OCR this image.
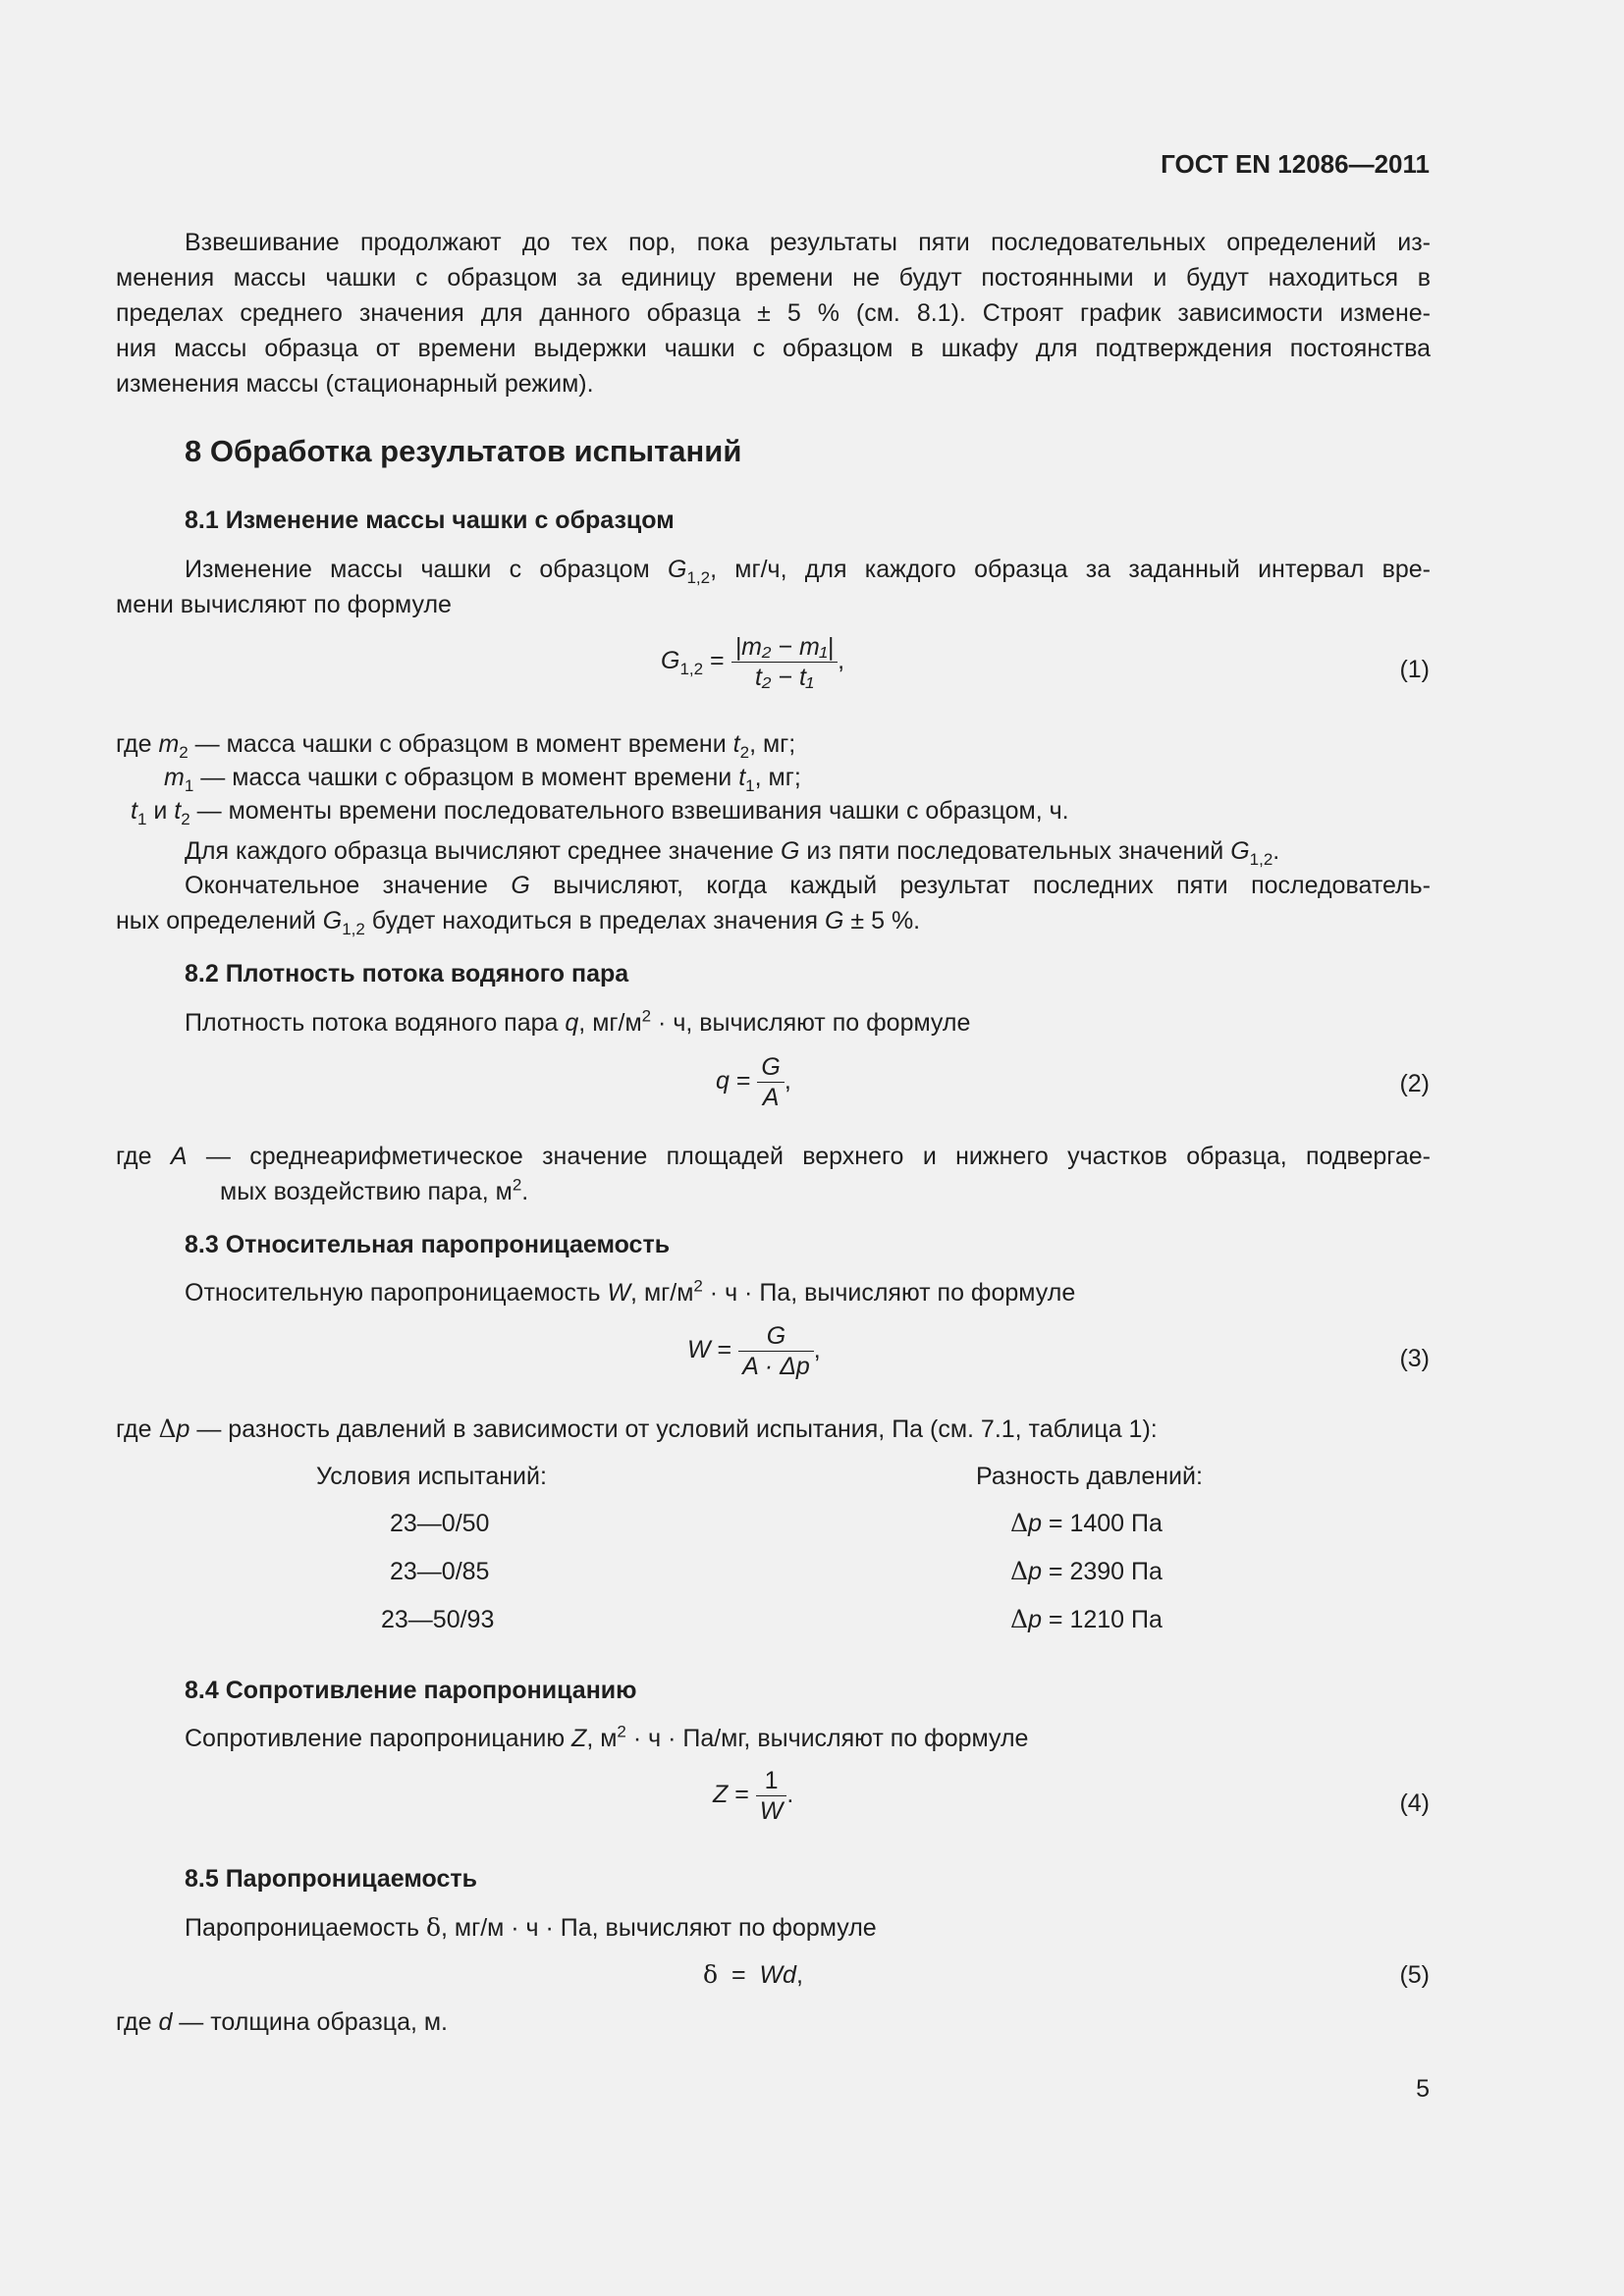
ГОСТ EN 12086—2011
Взвешивание продолжают до тех пор, пока результаты пяти последовательных определений из-
менения массы чашки с образцом за единицу времени не будут постоянными и будут находиться в
пределах среднего значения для данного образца ± 5 % (см. 8.1). Строят график зависимости измене-
ния массы образца от времени выдержки чашки с образцом в шкафу для подтверждения постоянства
изменения массы (стационарный режим).
8 Обработка результатов испытаний
8.1 Изменение массы чашки с образцом
Изменение массы чашки с образцом $G_{1,2}$, мг/ч, для каждого образца за заданный интервал вре-
мени вычисляют по формуле
$G_{1,2} = \frac{\text{|m₂ − m₁|}}{\text{t₂ − t₁}}$ ,	(1)
где $m_2$ — масса чашки с образцом в момент времени $t_2$, мг;
$m_1$ — масса чашки с образцом в момент времени $t_1$, мг;
$t_1$ и $t_2$ — моменты времени последовательного взвешивания чашки с образцом, ч.
Для каждого образца вычисляют среднее значение G из пяти последовательных значений $G_{1,2}$.
Окончательное значение G вычисляют, когда каждый результат последних пяти последователь-
ных определений $G_{1,2}$ будет находиться в пределах значения G ± 5 %.
8.2 Плотность потока водяного пара
Плотность потока водяного пара q, $мг/м^2 \cdot ч$, вычисляют по формуле
$q = \frac{G}{A}$ ,	(2)
где A — среднеарифметическое значение площадей верхнего и нижнего участков образца, подвергае-
мых воздействию пара, $м^2$.
8.3 Относительная паропроницаемость
Относительную паропроницаемость W, $мг/м^2 \cdot ч$ · Па, вычисляют по формуле
$W = \frac{G}{A \cdot \Delta p}$ ,	(3)
где Δp — разность давлений в зависимости от условий испытания, Па (см. 7.1, таблица 1):
Условия испытаний:	Разность давлений:
23—0/50	Δp = 1400 Па
23—0/85	Δp = 2390 Па
23—50/93	Δp = 1210 Па
8.4 Сопротивление паропроницанию
Сопротивление паропроницанию Z, $м^2 \cdot ч \cdot Па/мг$, вычисляют по формуле
$Z = \frac{1}{W}$ .	(4)
8.5 Паропроницаемость
Паропроницаемость δ, мг/м · ч · Па, вычисляют по формуле
δ  =  Wd,	(5)
где d — толщина образца, м.
5
